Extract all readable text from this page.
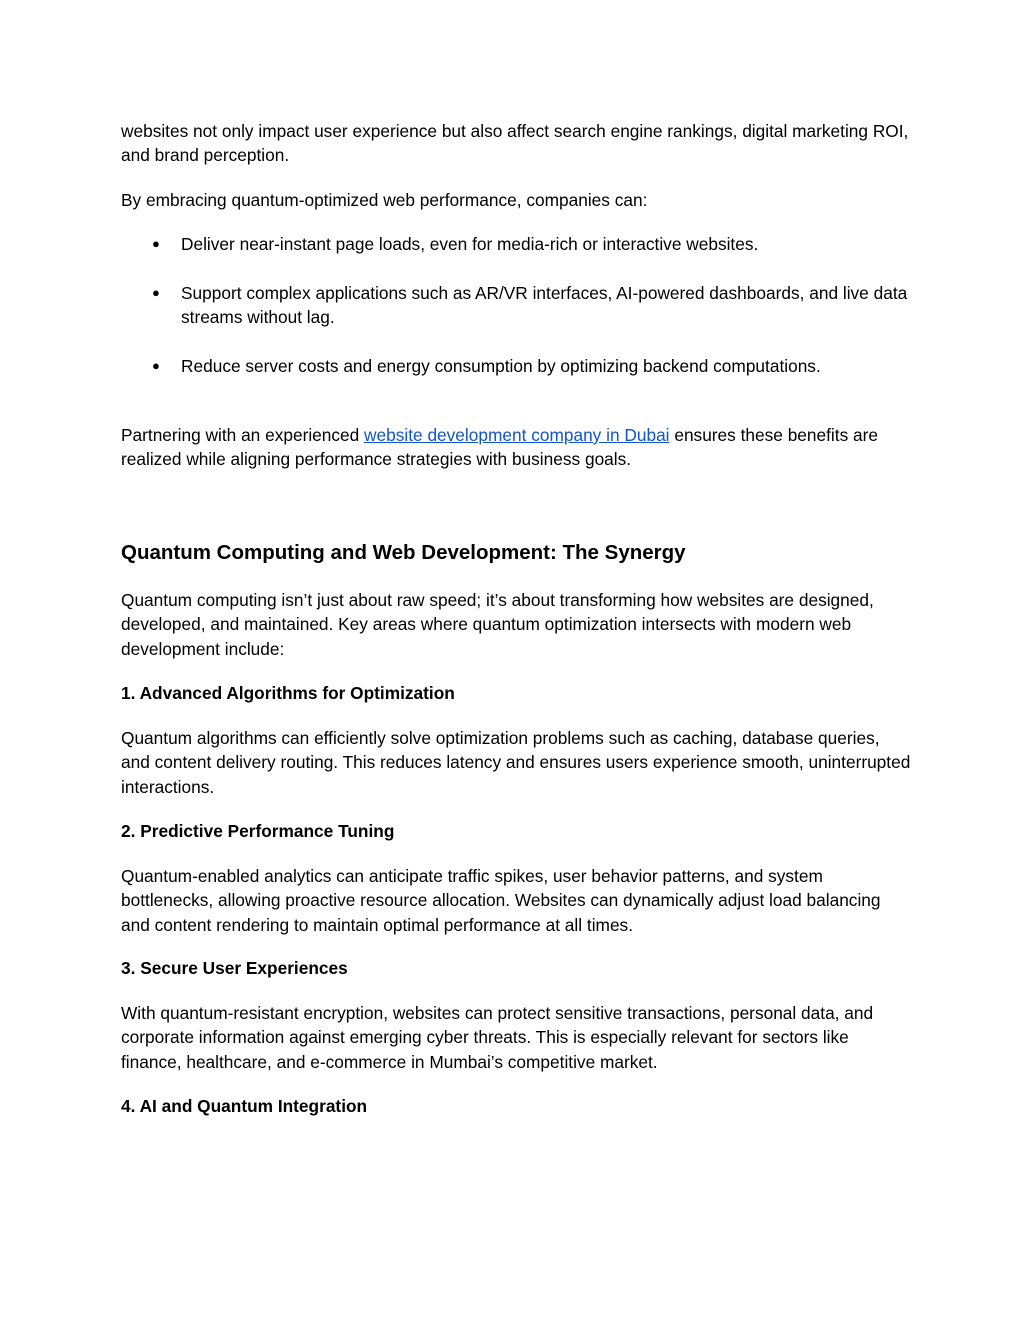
websites not only impact user experience but also affect search engine rankings, digital marketing ROI, and brand perception.

By embracing quantum-optimized web performance, companies can:

● Deliver near-instant page loads, even for media-rich or interactive websites.
● Support complex applications such as AR/VR interfaces, AI-powered dashboards, and live data streams without lag.
● Reduce server costs and energy consumption by optimizing backend computations.

Partnering with an experienced website development company in Dubai ensures these benefits are realized while aligning performance strategies with business goals.

Quantum Computing and Web Development: The Synergy

Quantum computing isn’t just about raw speed; it’s about transforming how websites are designed, developed, and maintained. Key areas where quantum optimization intersects with modern web development include:

1. Advanced Algorithms for Optimization

Quantum algorithms can efficiently solve optimization problems such as caching, database queries, and content delivery routing. This reduces latency and ensures users experience smooth, uninterrupted interactions.

2. Predictive Performance Tuning

Quantum-enabled analytics can anticipate traffic spikes, user behavior patterns, and system bottlenecks, allowing proactive resource allocation. Websites can dynamically adjust load balancing and content rendering to maintain optimal performance at all times.

3. Secure User Experiences

With quantum-resistant encryption, websites can protect sensitive transactions, personal data, and corporate information against emerging cyber threats. This is especially relevant for sectors like finance, healthcare, and e-commerce in Mumbai’s competitive market.

4. AI and Quantum Integration
